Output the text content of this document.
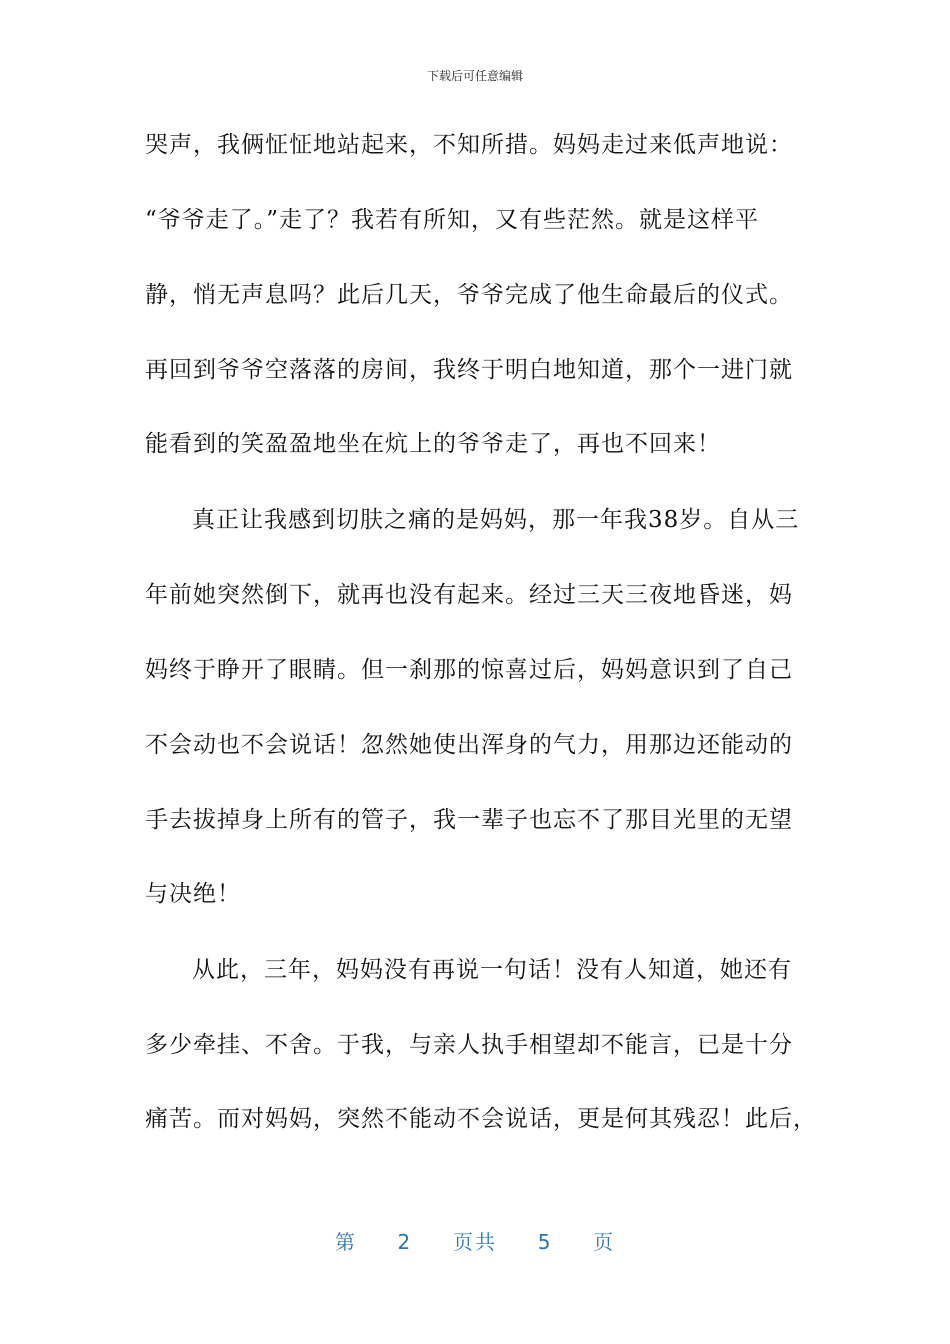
下载后可任意编辑
哭声，我俩怔怔地站起来，不知所措。妈妈走过来低声地说：
“爷爷走了。”走了？我若有所知，又有些茫然。就是这样平
静，悄无声息吗？此后几天，爷爷完成了他生命最后的仪式。
再回到爷爷空落落的房间，我终于明白地知道，那个一进门就
能看到的笑盈盈地坐在炕上的爷爷走了，再也不回来！
真正让我感到切肤之痛的是妈妈，那一年我38岁。自从三
年前她突然倒下，就再也没有起来。经过三天三夜地昏迷，妈
妈终于睁开了眼睛。但一刹那的惊喜过后，妈妈意识到了自己
不会动也不会说话！忽然她使出浑身的气力，用那边还能动的
手去拔掉身上所有的管子，我一辈子也忘不了那目光里的无望
与决绝！
从此，三年，妈妈没有再说一句话！没有人知道，她还有
多少牵挂、不舍。于我，与亲人执手相望却不能言，已是十分
痛苦。而对妈妈，突然不能动不会说话，更是何其残忍！此后，
第 2 页共 5 页
